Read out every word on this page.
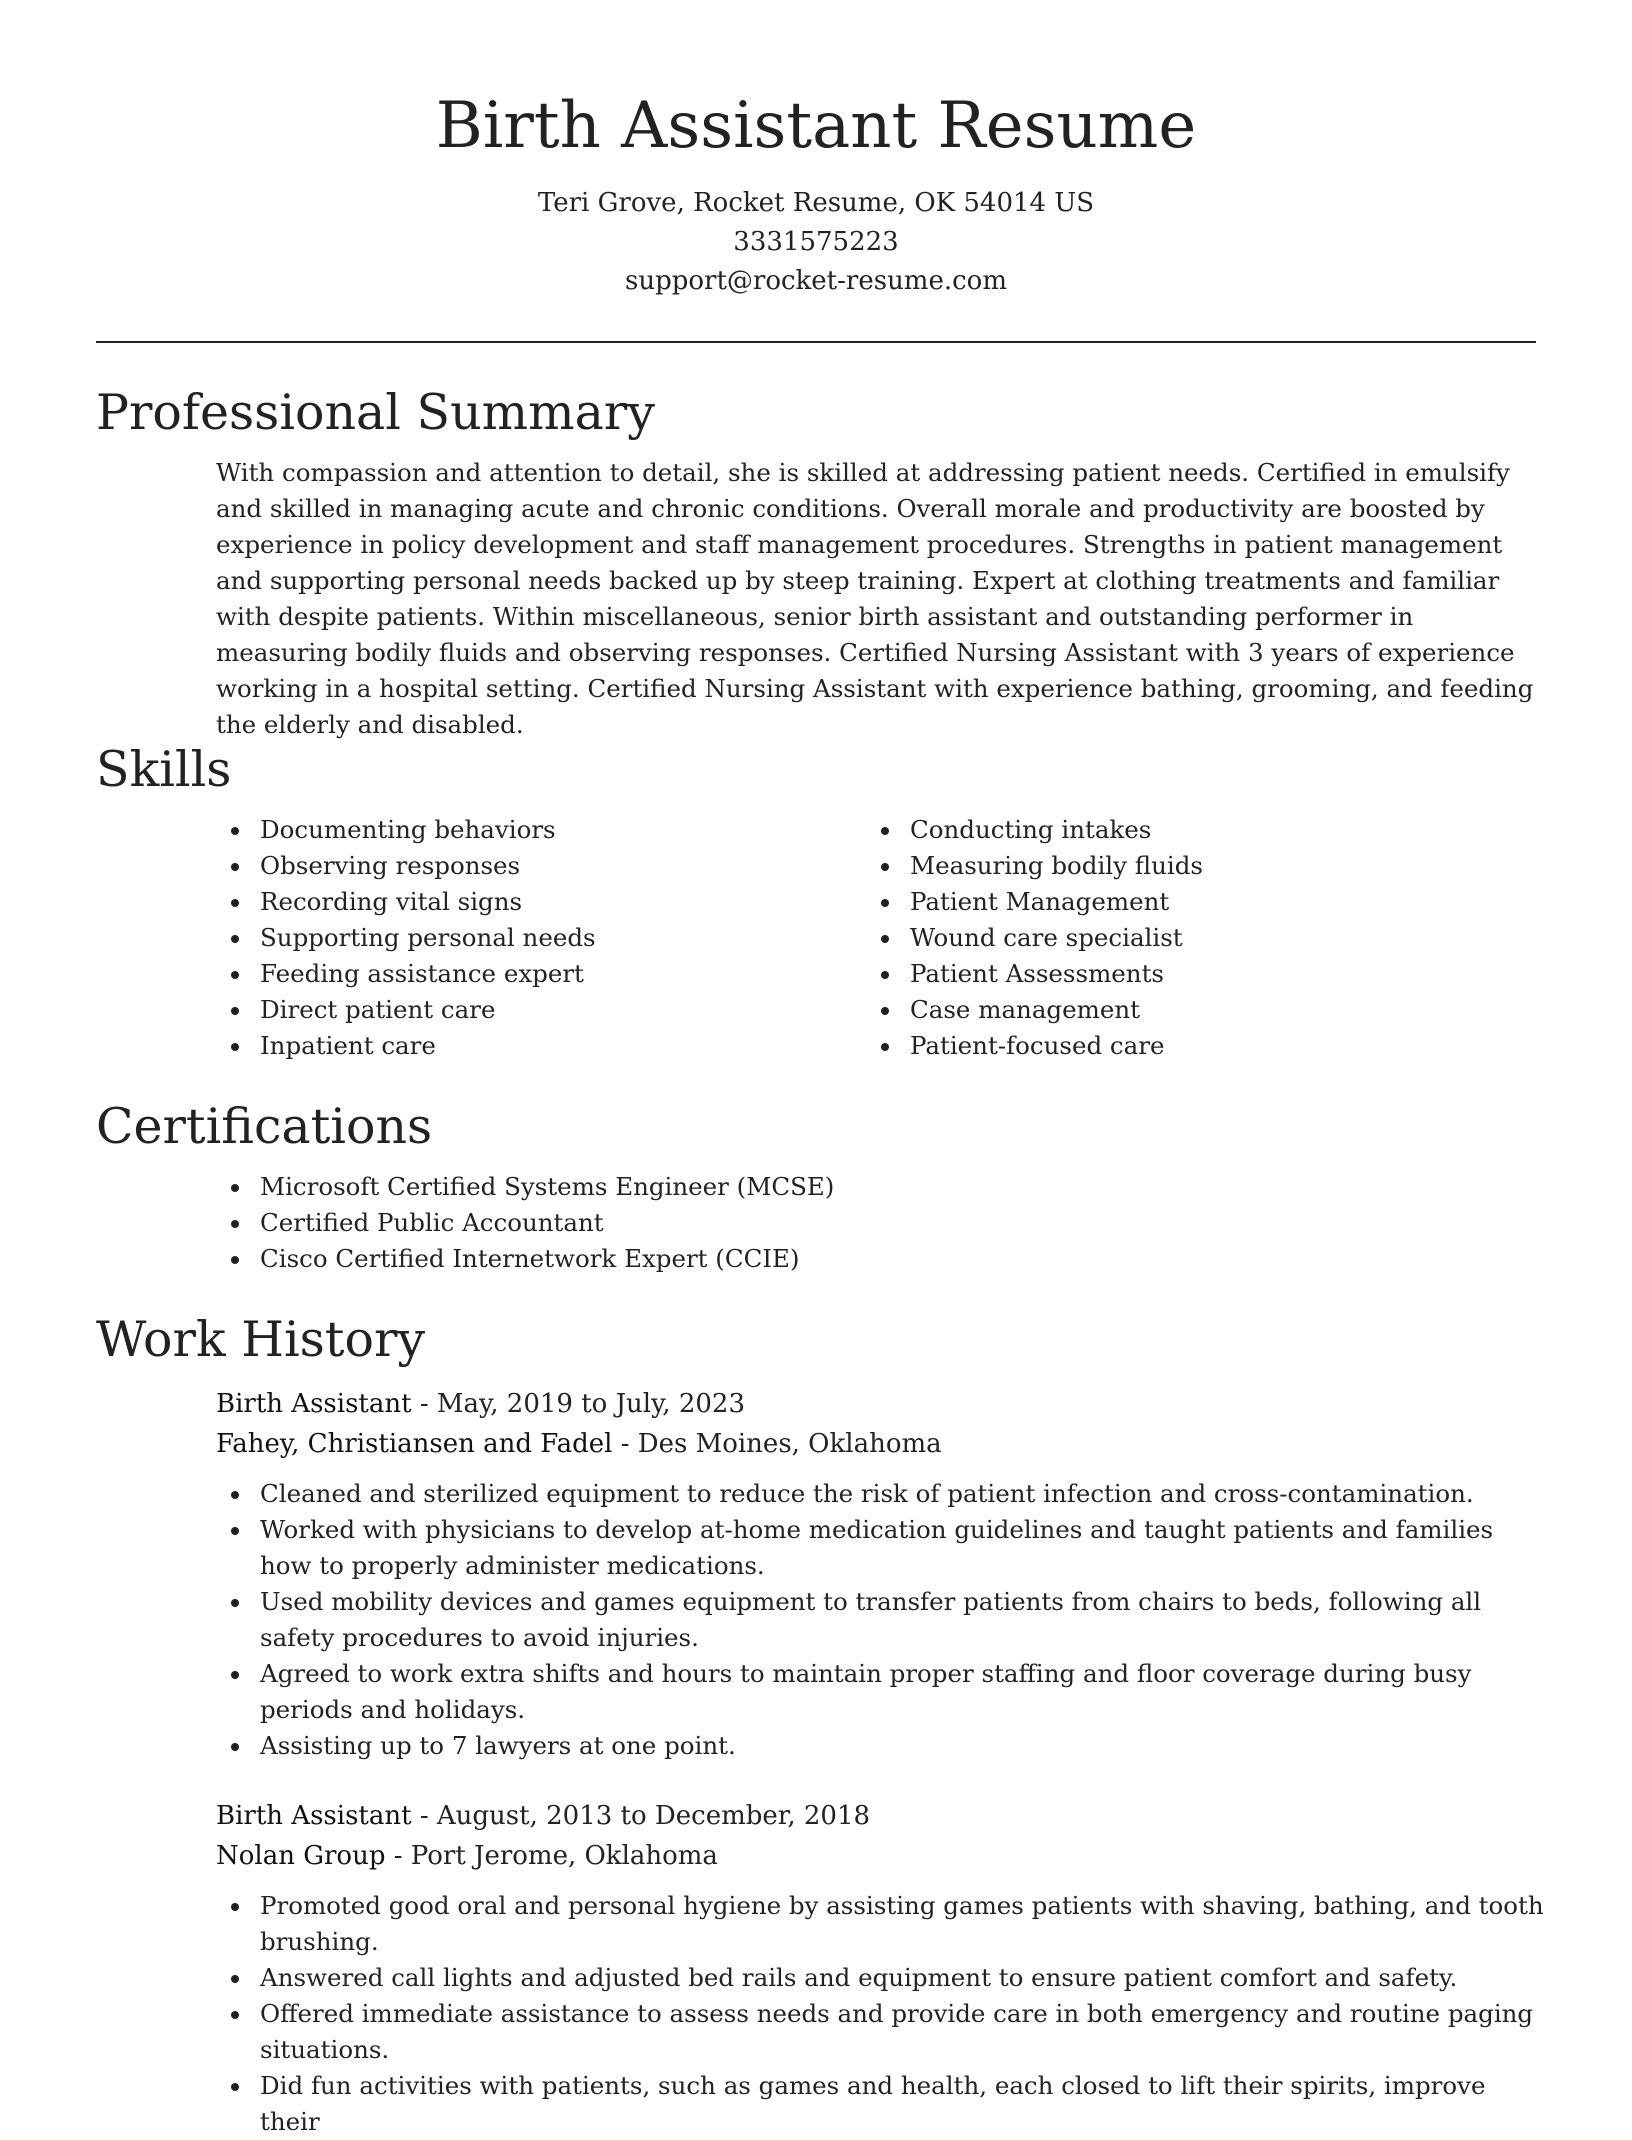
Birth Assistant Resume
Teri Grove, Rocket Resume, OK 54014 US
3331575223
support@rocket-resume.com
Professional Summary
With compassion and attention to detail, she is skilled at addressing patient needs. Certified in emulsify and skilled in managing acute and chronic conditions. Overall morale and productivity are boosted by experience in policy development and staff management procedures. Strengths in patient management and supporting personal needs backed up by steep training. Expert at clothing treatments and familiar with despite patients. Within miscellaneous, senior birth assistant and outstanding performer in measuring bodily fluids and observing responses. Certified Nursing Assistant with 3 years of experience working in a hospital setting. Certified Nursing Assistant with experience bathing, grooming, and feeding the elderly and disabled.
Skills
Documenting behaviors
Observing responses
Recording vital signs
Supporting personal needs
Feeding assistance expert
Direct patient care
Inpatient care
Conducting intakes
Measuring bodily fluids
Patient Management
Wound care specialist
Patient Assessments
Case management
Patient-focused care
Certifications
Microsoft Certified Systems Engineer (MCSE)
Certified Public Accountant
Cisco Certified Internetwork Expert (CCIE)
Work History
Birth Assistant - May, 2019 to July, 2023
Fahey, Christiansen and Fadel - Des Moines, Oklahoma
Cleaned and sterilized equipment to reduce the risk of patient infection and cross-contamination.
Worked with physicians to develop at-home medication guidelines and taught patients and families how to properly administer medications.
Used mobility devices and games equipment to transfer patients from chairs to beds, following all safety procedures to avoid injuries.
Agreed to work extra shifts and hours to maintain proper staffing and floor coverage during busy periods and holidays.
Assisting up to 7 lawyers at one point.
Birth Assistant - August, 2013 to December, 2018
Nolan Group - Port Jerome, Oklahoma
Promoted good oral and personal hygiene by assisting games patients with shaving, bathing, and tooth brushing.
Answered call lights and adjusted bed rails and equipment to ensure patient comfort and safety.
Offered immediate assistance to assess needs and provide care in both emergency and routine paging situations.
Did fun activities with patients, such as games and health, each closed to lift their spirits, improve their
